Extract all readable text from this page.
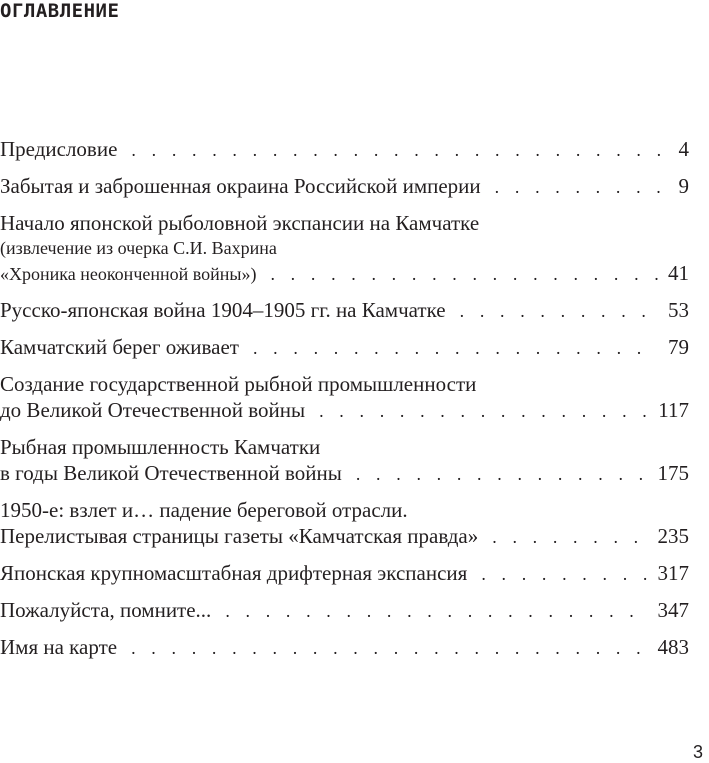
ОГЛАВЛЕНИЕ
Предисловие . . .	4
Забытая и заброшенная окраина Российской империи . . .	9
Начало японской рыболовной экспансии на Камчатке
(извлечение из очерка С.И. Вахрина
«Хроника неоконченной войны») . . .	41
Русско-японская война 1904–1905 гг. на Камчатке . . .	53
Камчатский берег оживает . . .	79
Создание государственной рыбной промышленности
до Великой Отечественной войны . . .	117
Рыбная промышленность Камчатки
в годы Великой Отечественной войны . . .	175
1950-е: взлет и… падение береговой отрасли.
Перелистывая страницы газеты «Камчатская правда» . . .	235
Японская крупномасштабная дрифтерная экспансия . . .	317
Пожалуйста, помните... . . .	347
Имя на карте . . .	483
3
